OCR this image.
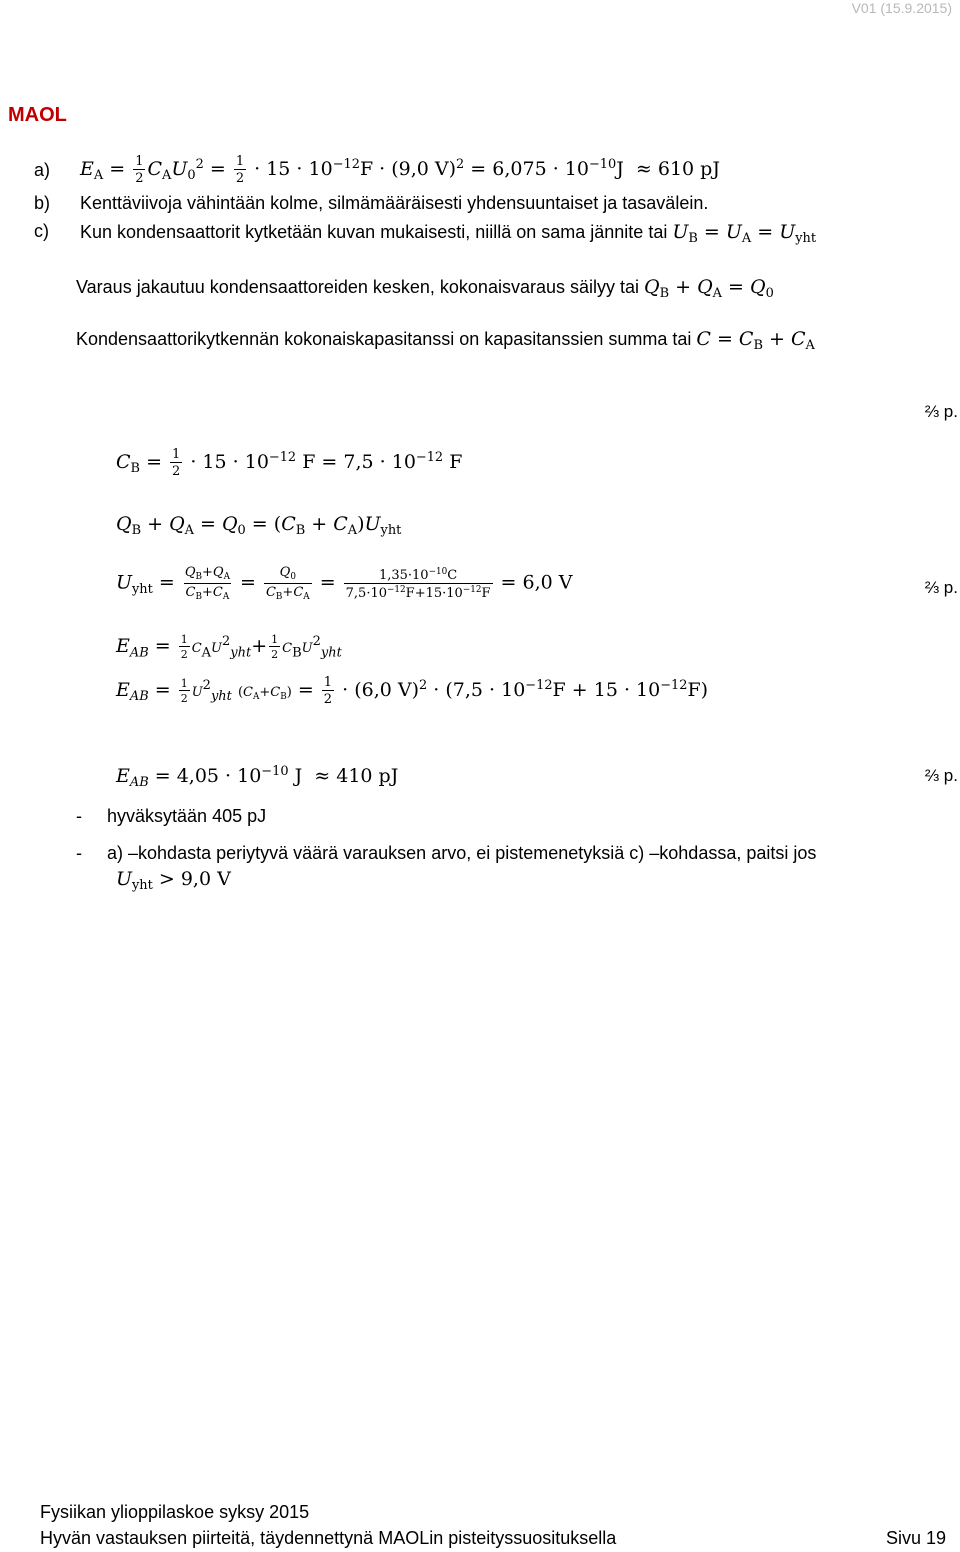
V01 (15.9.2015)
MAOL
a) $E_A = \frac{1}{2} C_AU_0^2 = \frac{1}{2} \cdot 15 \cdot 10^{-12}F \cdot (9,0$ $V)^2 = 6,075 \cdot 10^{-10}J \approx 610$ pJ
b) Kenttäviivoja vähintään kolme, silmämääräisesti yhdensuuntaiset ja tasavälein.
c) Kun kondensaattorit kytketään kuvan mukaisesti, niillä on sama jännite tai $U_B = U_A = U_{yht}$
Varaus jakautuu kondensaattoreiden kesken, kokonaisvaraus säilyy tai $Q_B + Q_A = Q_0$
Kondensaattorikytkennän kokonaiskapasitanssi on kapasitanssien summa tai $C = C_B + C_A$
⅔ p.
$C_B = \frac{1}{2} \cdot 15 \cdot 10^{-12}$ $F = 7,5 \cdot 10^{-12}$ F
$Q_B + Q_A = Q_0 = (C_B + C_A)U_{yht}$
$U_{yht} = \frac{Q_B+Q_A}{C_B+C_A} = \frac{Q_0}{C_B+C_A} = \frac{1,35\cdot 10^{-10}C}{7,5\cdot 10^{-12}F+15\cdot 10^{-12}F} = 6,0$ V	⅔ p.
$E_{AB} = \frac{1}{2} C_AU^2_{yht}+ \frac{1}{2} C_BU^2_{yht}$
$E_{AB} = \frac{1}{2} U^2_{yht}$ $(C_A+C_B) = \frac{1}{2} \cdot (6,0$ $V)^2 \cdot (7,5 \cdot 10^{-12}F + 15 \cdot 10^{-12}F)$
$E_{AB} = 4,05 \cdot 10^{-10}$ J  ≈ 410 pJ	⅔ p.
- hyväksytään 405 pJ
- a) –kohdasta periytyvä väärä varauksen arvo, ei pistemenetyksiä c) –kohdassa, paitsi jos
$U_{yht} > 9,0$ V
Fysiikan ylioppilaskoe syksy 2015
Hyvän vastauksen piirteitä, täydennettynä MAOLin pisteityssuosituksella	Sivu 19
